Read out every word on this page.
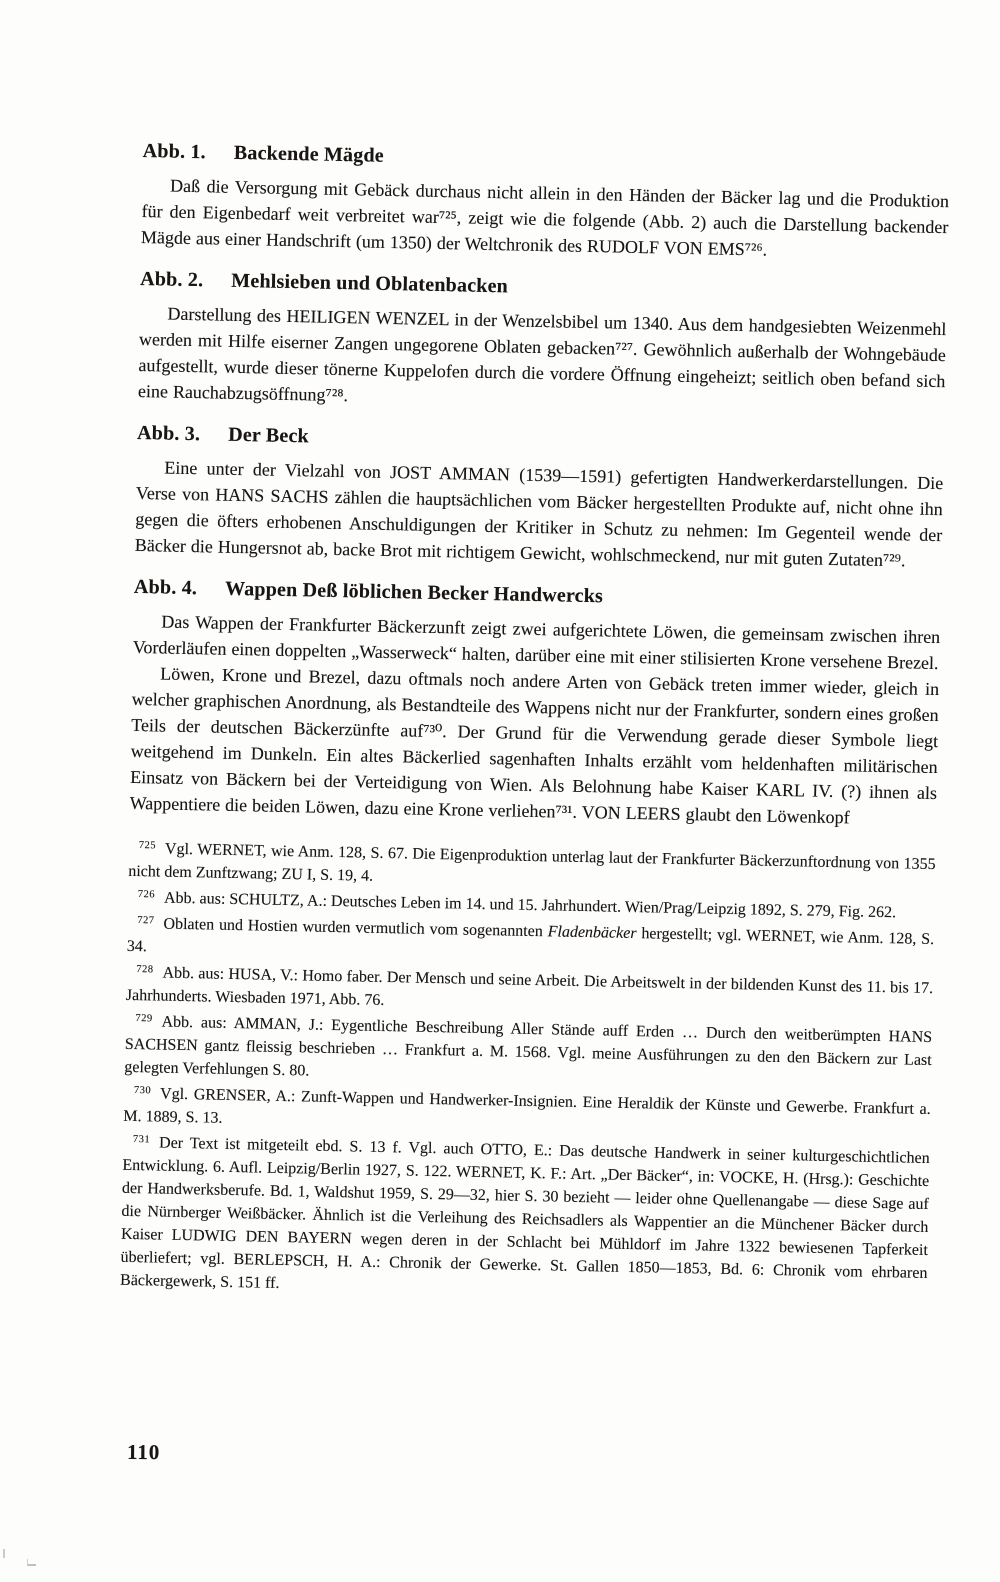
Abb. 1. Backende Mägde

Daß die Versorgung mit Gebäck durchaus nicht allein in den Händen der Bäcker lag und die Produktion für den Eigenbedarf weit verbreitet war⁷²⁵, zeigt wie die folgende (Abb. 2) auch die Darstellung backender Mägde aus einer Handschrift (um 1350) der Weltchronik des RUDOLF VON EMS⁷²⁶.

Abb. 2. Mehlsieben und Oblatenbacken

Darstellung des HEILIGEN WENZEL in der Wenzelsbibel um 1340. Aus dem handgesiebten Weizenmehl werden mit Hilfe eiserner Zangen ungegorene Oblaten gebacken⁷²⁷. Gewöhnlich außerhalb der Wohngebäude aufgestellt, wurde dieser tönerne Kuppelofen durch die vordere Öffnung eingeheizt; seitlich oben befand sich eine Rauchabzugsöffnung⁷²⁸.

Abb. 3. Der Beck

Eine unter der Vielzahl von JOST AMMAN (1539—1591) gefertigten Handwerkerdarstellungen. Die Verse von HANS SACHS zählen die hauptsächlichen vom Bäcker hergestellten Produkte auf, nicht ohne ihn gegen die öfters erhobenen Anschuldigungen der Kritiker in Schutz zu nehmen: Im Gegenteil wende der Bäcker die Hungersnot ab, backe Brot mit richtigem Gewicht, wohlschmeckend, nur mit guten Zutaten⁷²⁹.

Abb. 4. Wappen Deß löblichen Becker Handwercks

Das Wappen der Frankfurter Bäckerzunft zeigt zwei aufgerichtete Löwen, die gemeinsam zwischen ihren Vorderläufen einen doppelten „Wasserweck“ halten, darüber eine mit einer stilisierten Krone versehene Brezel.

Löwen, Krone und Brezel, dazu oftmals noch andere Arten von Gebäck treten immer wieder, gleich in welcher graphischen Anordnung, als Bestandteile des Wappens nicht nur der Frankfurter, sondern eines großen Teils der deutschen Bäckerzünfte auf⁷³⁰. Der Grund für die Verwendung gerade dieser Symbole liegt weitgehend im Dunkeln. Ein altes Bäckerlied sagenhaften Inhalts erzählt vom heldenhaften militärischen Einsatz von Bäckern bei der Verteidigung von Wien. Als Belohnung habe Kaiser KARL IV. (?) ihnen als Wappentiere die beiden Löwen, dazu eine Krone verliehen⁷³¹. VON LEERS glaubt den Löwenkopf

$^{725}$ Vgl. WERNET, wie Anm. 128, S. 67. Die Eigenproduktion unterlag laut der Frankfurter Bäckerzunftordnung von 1355 nicht dem Zunftzwang; ZU I, S. 19, 4.

$^{726}$ Abb. aus: SCHULTZ, A.: Deutsches Leben im 14. und 15. Jahrhundert. Wien/Prag/Leipzig 1892, S. 279, Fig. 262.

$^{727}$ Oblaten und Hostien wurden vermutlich vom sogenannten Fladenbäcker hergestellt; vgl. WERNET, wie Anm. 128, S. 34.

$^{728}$ Abb. aus: HUSA, V.: Homo faber. Der Mensch und seine Arbeit. Die Arbeitswelt in der bildenden Kunst des 11. bis 17. Jahrhunderts. Wiesbaden 1971, Abb. 76.

$^{729}$ Abb. aus: AMMAN, J.: Eygentliche Beschreibung Aller Stände auff Erden … Durch den weitberümpten HANS SACHSEN gantz fleissig beschrieben … Frankfurt a. M. 1568. Vgl. meine Ausführungen zu den den Bäckern zur Last gelegten Verfehlungen S. 80.

$^{730}$ Vgl. GRENSER, A.: Zunft-Wappen und Handwerker-Insignien. Eine Heraldik der Künste und Gewerbe. Frankfurt a. M. 1889, S. 13.

$^{731}$ Der Text ist mitgeteilt ebd. S. 13 f. Vgl. auch OTTO, E.: Das deutsche Handwerk in seiner kulturgeschichtlichen Entwicklung. 6. Aufl. Leipzig/Berlin 1927, S. 122. WERNET, K. F.: Art. „Der Bäcker“, in: VOCKE, H. (Hrsg.): Geschichte der Handwerksberufe. Bd. 1, Waldshut 1959, S. 29—32, hier S. 30 bezieht — leider ohne Quellenangabe — diese Sage auf die Nürnberger Weißbäcker. Ähnlich ist die Verleihung des Reichsadlers als Wappentier an die Münchener Bäcker durch Kaiser LUDWIG DEN BAYERN wegen deren in der Schlacht bei Mühldorf im Jahre 1322 bewiesenen Tapferkeit überliefert; vgl. BERLEPSCH, H. A.: Chronik der Gewerke. St. Gallen 1850—1853, Bd. 6: Chronik vom ehrbaren Bäckergewerk, S. 151 ff.

110
